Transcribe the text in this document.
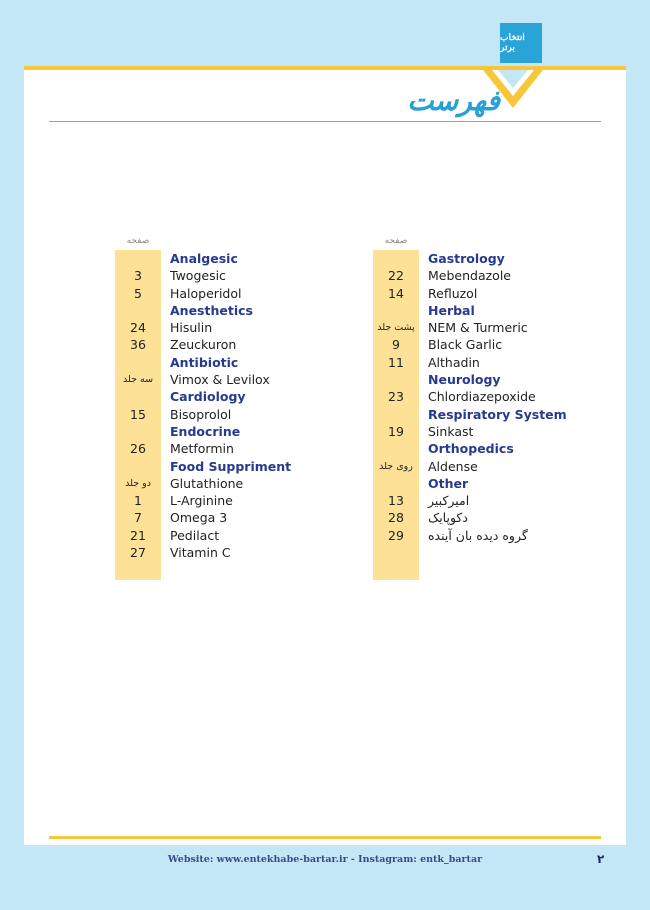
انتخاب برتر
فهرست
صفحه
Analgesic
3	Twogesic
5	Haloperidol
Anesthetics
24	Hisulin
36	Zeuckuron
Antibiotic
سه جلد	Vimox & Levilox
Cardiology
15	Bisoprolol
Endocrine
26	Metformin
Food Suppriment
دو جلد	Glutathione
1	L-Arginine
7	Omega 3
21	Pedilact
27	Vitamin C
صفحه
Gastrology
22	Mebendazole
14	Refluzol
Herbal
پشت جلد	NEM & Turmeric
9	Black Garlic
11	Althadin
Neurology
23	Chlordiazepoxide
Respiratory System
19	Sinkast
Orthopedics
روی جلد	Aldense
Other
13	امیرکبیر
28	دکوپایک
29	گروه دیده بان آینده
Website: www.entekhabe-bartar.ir - Instagram: entk_bartar	۲
